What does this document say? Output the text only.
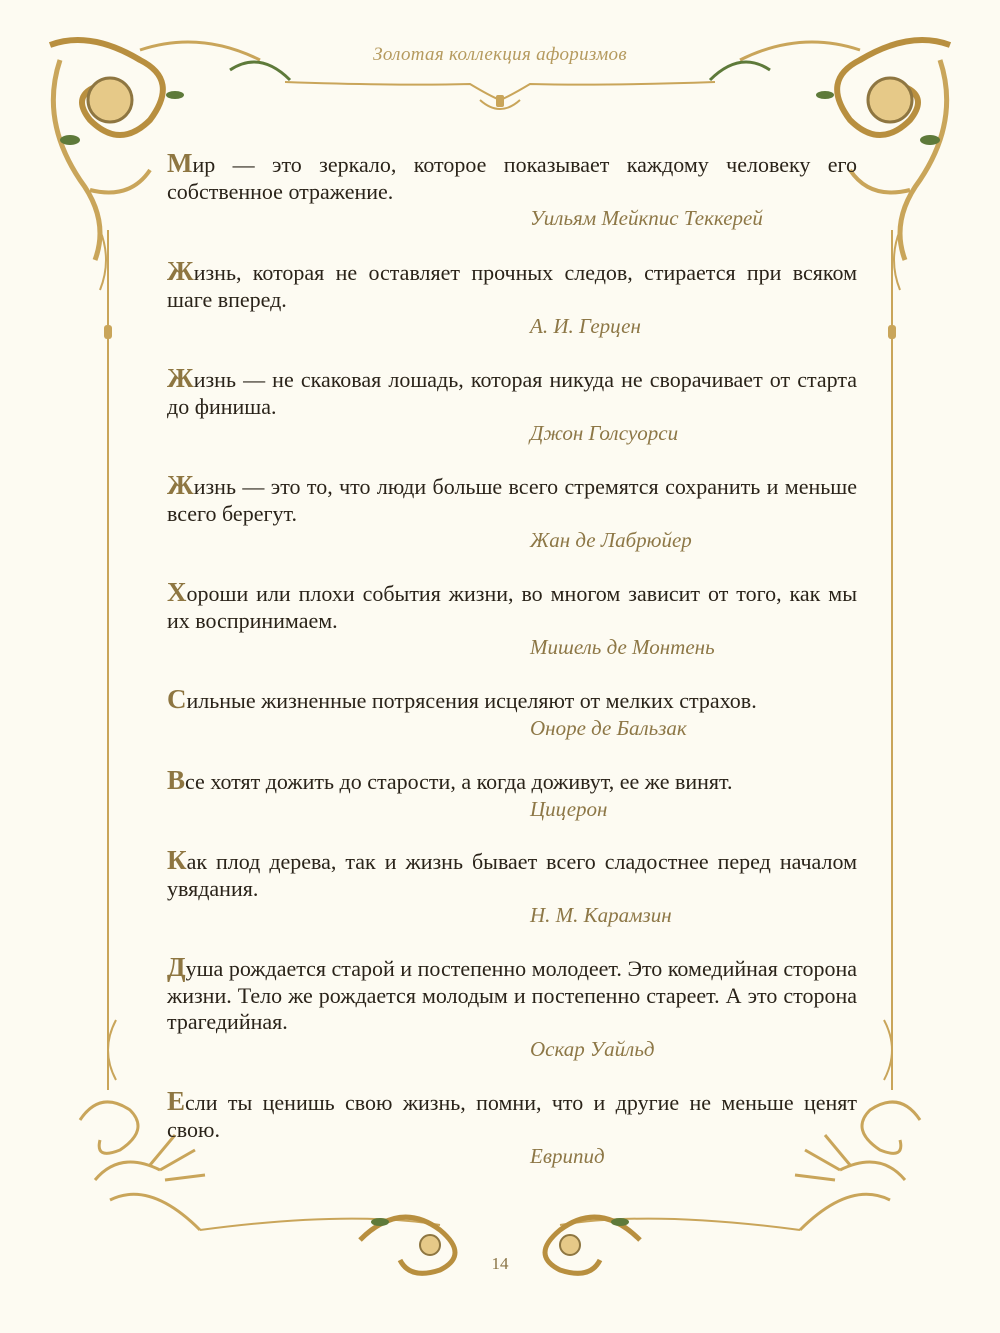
Золотая коллекция афоризмов

Мир — это зеркало, которое показывает каждому человеку его собственное отражение.

Уильям Мейкпис Теккерей

Жизнь, которая не оставляет прочных следов, стирается при всяком шаге вперед.

А. И. Герцен

Жизнь — не скаковая лошадь, которая никуда не сворачивает от старта до финиша.

Джон Голсуорси

Жизнь — это то, что люди больше всего стремятся сохранить и меньше всего берегут.

Жан де Лабрюйер

Хороши или плохи события жизни, во многом зависит от того, как мы их воспринимаем.

Мишель де Монтень

Сильные жизненные потрясения исцеляют от мелких страхов.

Оноре де Бальзак

Все хотят дожить до старости, а когда доживут, ее же винят.

Цицерон

Как плод дерева, так и жизнь бывает всего сладостнее перед началом увядания.

Н. М. Карамзин

Душа рождается старой и постепенно молодеет. Это комедийная сторона жизни. Тело же рождается молодым и постепенно стареет. А это сторона трагедийная.

Оскар Уайльд

Если ты ценишь свою жизнь, помни, что и другие не меньше ценят свою.

Еврипид

14
